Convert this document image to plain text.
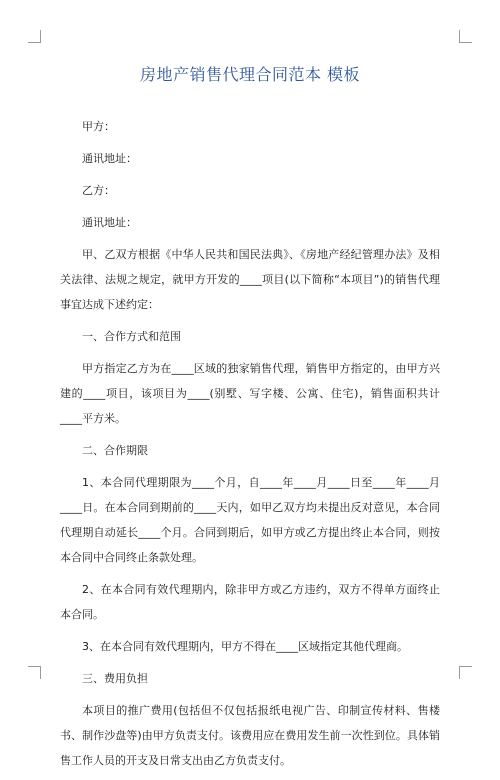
房地产销售代理合同范本 模板

甲方：

通讯地址：

乙方：

通讯地址：

甲、乙双方根据《中华人民共和国民法典》、《房地产经纪管理办法》及相关法律、法规之规定，就甲方开发的____项目(以下简称“本项目”)的销售代理事宜达成下述约定：

一、合作方式和范围

甲方指定乙方为在____区域的独家销售代理，销售甲方指定的，由甲方兴建的____项目，该项目为____(别墅、写字楼、公寓、住宅)，销售面积共计____平方米。

二、合作期限

1、本合同代理期限为____个月，自____年____月____日至____年____月____日。在本合同到期前的____天内，如甲乙双方均未提出反对意见，本合同代理期自动延长____个月。合同到期后，如甲方或乙方提出终止本合同，则按本合同中合同终止条款处理。

2、在本合同有效代理期内，除非甲方或乙方违约，双方不得单方面终止本合同。

3、在本合同有效代理期内，甲方不得在____区域指定其他代理商。

三、费用负担

本项目的推广费用(包括但不仅包括报纸电视广告、印制宣传材料、售楼书、制作沙盘等)由甲方负责支付。该费用应在费用发生前一次性到位。具体销售工作人员的开支及日常支出由乙方负责支付。
